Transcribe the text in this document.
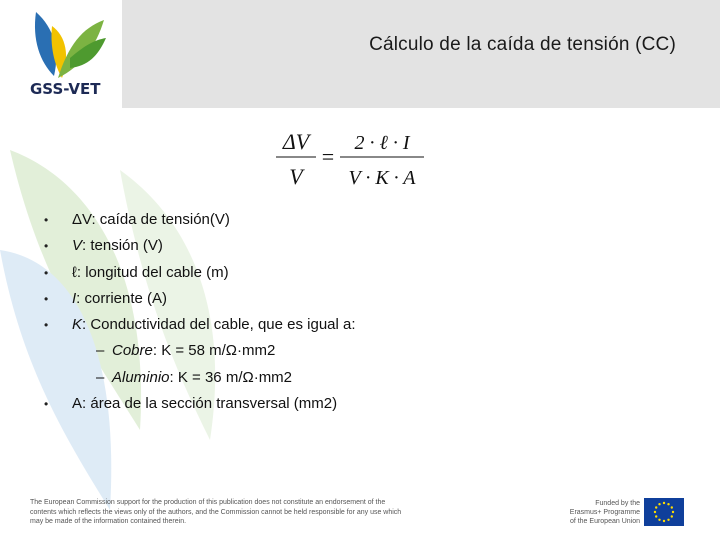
Cálculo de la caída de tensión (CC)
GSS-VET
ΔV
V
=
2 · ℓ · I
V · K · A
• ΔV: caída de tensión(V)
• V: tensión (V)
• ℓ: longitud del cable (m)
• I: corriente (A)
• K: Conductividad del cable, que es igual a:
– Cobre: K = 58 m/Ω·mm2
– Aluminio: K = 36 m/Ω·mm2
• A: área de la sección transversal (mm2)
The European Commission support for the production of this publication does not constitute an endorsement of the
contents which reflects the views only of the authors, and the Commission cannot be held responsible for any use which
may be made of the information contained therein.
Funded by the
Erasmus+ Programme
of the European Union
